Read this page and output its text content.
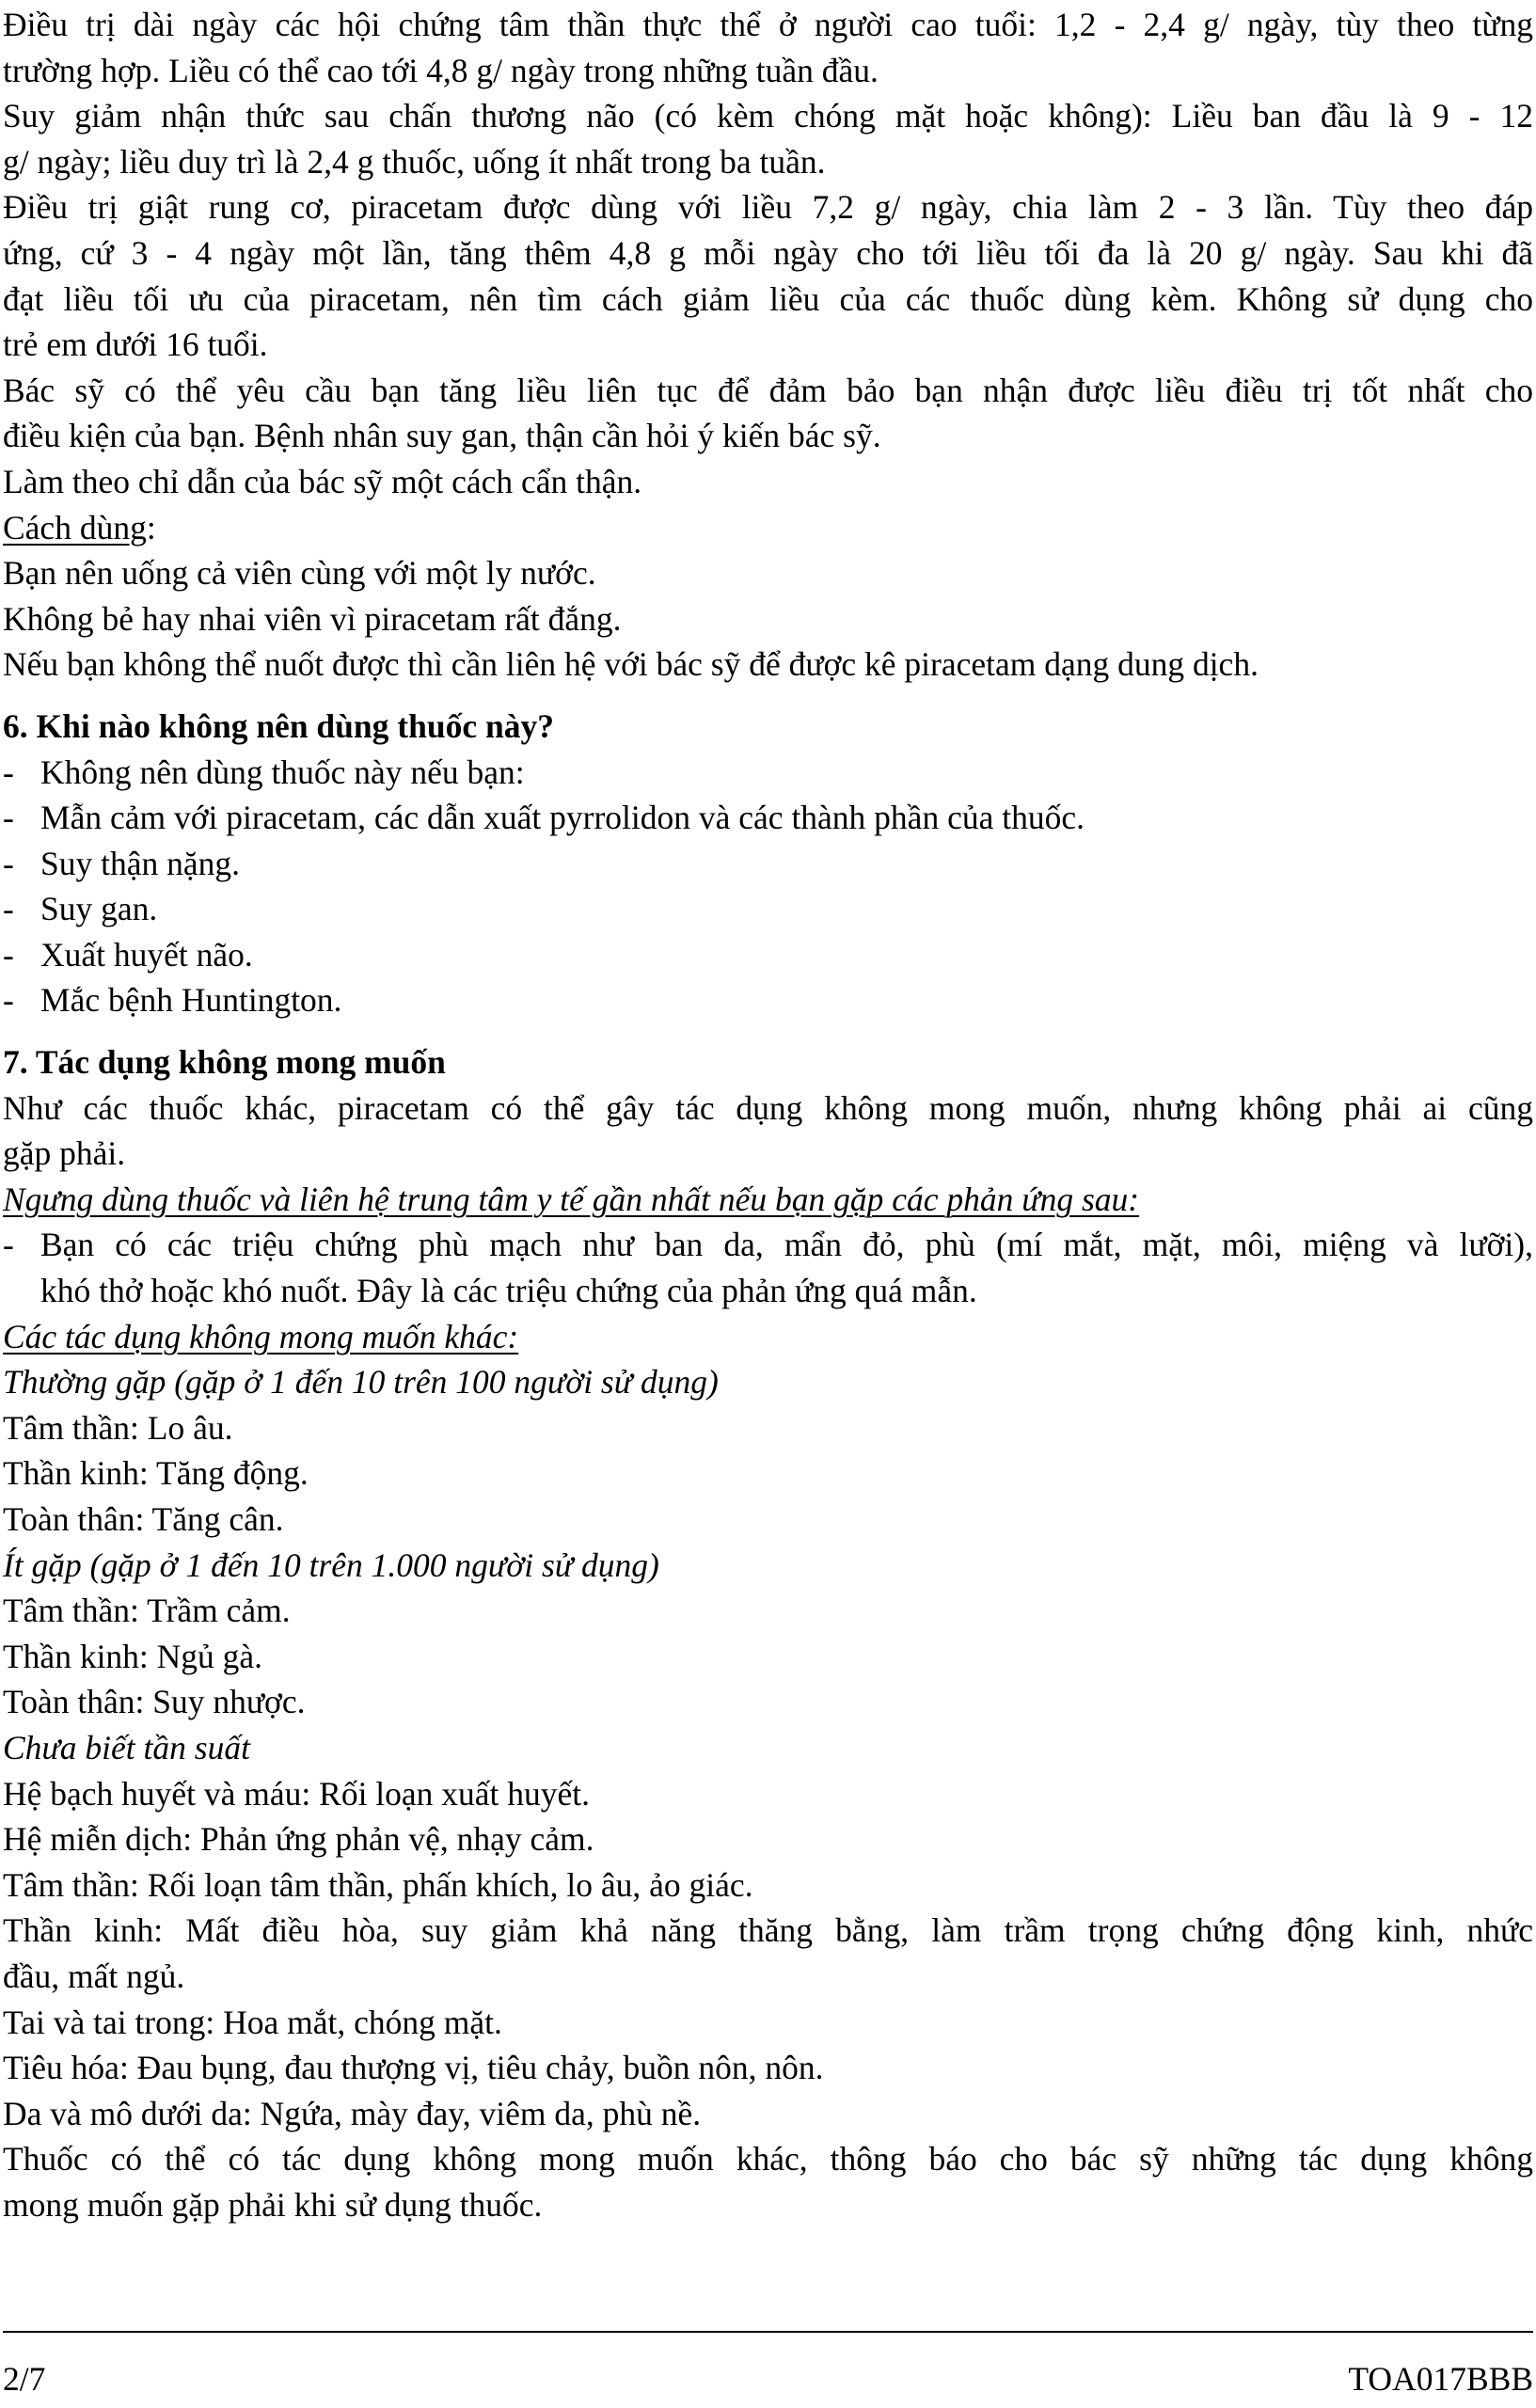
Điều trị dài ngày các hội chứng tâm thần thực thể ở người cao tuổi: 1,2 - 2,4 g/ ngày, tùy theo từng
trường hợp. Liều có thể cao tới 4,8 g/ ngày trong những tuần đầu.
Suy giảm nhận thức sau chấn thương não (có kèm chóng mặt hoặc không): Liều ban đầu là 9 - 12
g/ ngày; liều duy trì là 2,4 g thuốc, uống ít nhất trong ba tuần.
Điều trị giật rung cơ, piracetam được dùng với liều 7,2 g/ ngày, chia làm 2 - 3 lần. Tùy theo đáp
ứng, cứ 3 - 4 ngày một lần, tăng thêm 4,8 g mỗi ngày cho tới liều tối đa là 20 g/ ngày. Sau khi đã
đạt liều tối ưu của piracetam, nên tìm cách giảm liều của các thuốc dùng kèm. Không sử dụng cho
trẻ em dưới 16 tuổi.
Bác sỹ có thể yêu cầu bạn tăng liều liên tục để đảm bảo bạn nhận được liều điều trị tốt nhất cho
điều kiện của bạn. Bệnh nhân suy gan, thận cần hỏi ý kiến bác sỹ.
Làm theo chỉ dẫn của bác sỹ một cách cẩn thận.
Cách dùng:
Bạn nên uống cả viên cùng với một ly nước.
Không bẻ hay nhai viên vì piracetam rất đắng.
Nếu bạn không thể nuốt được thì cần liên hệ với bác sỹ để được kê piracetam dạng dung dịch.
6. Khi nào không nên dùng thuốc này?
- Không nên dùng thuốc này nếu bạn:
- Mẫn cảm với piracetam, các dẫn xuất pyrrolidon và các thành phần của thuốc.
- Suy thận nặng.
- Suy gan.
- Xuất huyết não.
- Mắc bệnh Huntington.
7. Tác dụng không mong muốn
Như các thuốc khác, piracetam có thể gây tác dụng không mong muốn, nhưng không phải ai cũng
gặp phải.
Ngưng dùng thuốc và liên hệ trung tâm y tế gần nhất nếu bạn gặp các phản ứng sau:
- Bạn có các triệu chứng phù mạch như ban da, mẩn đỏ, phù (mí mắt, mặt, môi, miệng và lưỡi),
khó thở hoặc khó nuốt. Đây là các triệu chứng của phản ứng quá mẫn.
Các tác dụng không mong muốn khác:
Thường gặp (gặp ở 1 đến 10 trên 100 người sử dụng)
Tâm thần: Lo âu.
Thần kinh: Tăng động.
Toàn thân: Tăng cân.
Ít gặp (gặp ở 1 đến 10 trên 1.000 người sử dụng)
Tâm thần: Trầm cảm.
Thần kinh: Ngủ gà.
Toàn thân: Suy nhược.
Chưa biết tần suất
Hệ bạch huyết và máu: Rối loạn xuất huyết.
Hệ miễn dịch: Phản ứng phản vệ, nhạy cảm.
Tâm thần: Rối loạn tâm thần, phấn khích, lo âu, ảo giác.
Thần kinh: Mất điều hòa, suy giảm khả năng thăng bằng, làm trầm trọng chứng động kinh, nhức
đầu, mất ngủ.
Tai và tai trong: Hoa mắt, chóng mặt.
Tiêu hóa: Đau bụng, đau thượng vị, tiêu chảy, buồn nôn, nôn.
Da và mô dưới da: Ngứa, mày đay, viêm da, phù nề.
Thuốc có thể có tác dụng không mong muốn khác, thông báo cho bác sỹ những tác dụng không
mong muốn gặp phải khi sử dụng thuốc.
2/7	TOA017BBB
